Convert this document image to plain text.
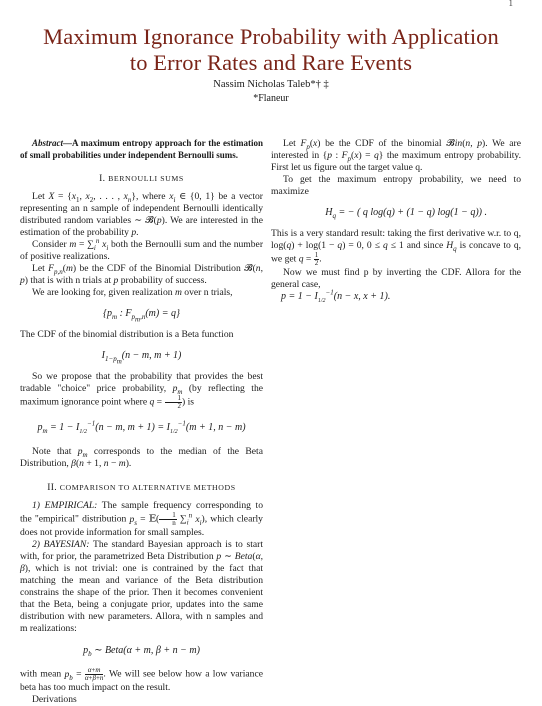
1
Maximum Ignorance Probability with Application
to Error Rates and Rare Events
Nassim Nicholas Taleb*† ‡
*Flaneur

Abstract—A maximum entropy approach for the estimation of small probabilities under independent Bernoulli sums.

I. BERNOULLI SUMS

Let $X = \{x_1$, $x_2$, . . . , $x_n$}, where $x_i$ ∈ {0, 1} be a vector representing an n sample of independent Bernoulli identically distributed random variables ∼ 𝓑(p). We are interested in the estimation of the probability p.

Consider $m = \sum_i^n$ $x_i$ both the Bernoulli sum and the number of positive realizations.

Let $F_{p,n}(m)$ be the CDF of the Binomial Distribution 𝓑(n, p) that is with n trials at p probability of success.

We are looking for, given realization m over n trials,

{$p_m$ : $F_{p_m,n}(m) = q$}

The CDF of the binomial distribution is a Beta function

$I_{1-p_m}(n - m$, m + 1)

So we propose that the probability that provides the best tradable "choice" price probability, $p_m$ (by reflecting the maximum ignorance point where $q = \frac{1}{2}$ ) is

$p_m = 1 - I_{1/2}^{-1}(n - m$, $m + 1) = I_{1/2}^{-1}(m + 1$, n − m)

Note that $p_m$ corresponds to the median of the Beta Distribution, β(n + 1, n − m).

II. COMPARISON TO ALTERNATIVE METHODS

1) EMPIRICAL: The sample frequency corresponding to the "empirical" distribution $p_s$ = 𝔼( $\frac{1}{n} \sum_i^n$ $x_i$), which clearly does not provide information for small samples.

2) BAYESIAN: The standard Bayesian approach is to start with, for prior, the parametrized Beta Distribution p ∼ Beta(α, β), which is not trivial: one is contrained by the fact that matching the mean and variance of the Beta distribution constrains the shape of the prior. Then it becomes convenient that the Beta, being a conjugate prior, updates into the same distribution with new parameters. Allora, with n samples and m realizations:

$p_b$ ∼ Beta(α + m, β + n − m)

with mean $p_b = \frac{\alpha+m}{\alpha+\beta+n}$ . We will see below how a low variance beta has too much impact on the result.

Derivations

Let $F_p(x)$ be the CDF of the binomial 𝓑in(n, p). We are interested in {p : $F_p(x) = q$} the maximum entropy probability. First let us figure out the target value q.

To get the maximum entropy probability, we need to maximize

$H_q$ = − ( q log(q) + (1 − q) log(1 − q)) .

This is a very standard result: taking the first derivative w.r. to q, log(q) + log(1 − q) = 0, 0 ≤ q ≤ 1 and since $H_q$ is concave to q, we get $q = \frac{1}{2}$ .

Now we must find p by inverting the CDF. Allora for the general case,

$p = 1 - I_{1/2}^{-1}(n - x$, x + 1).
